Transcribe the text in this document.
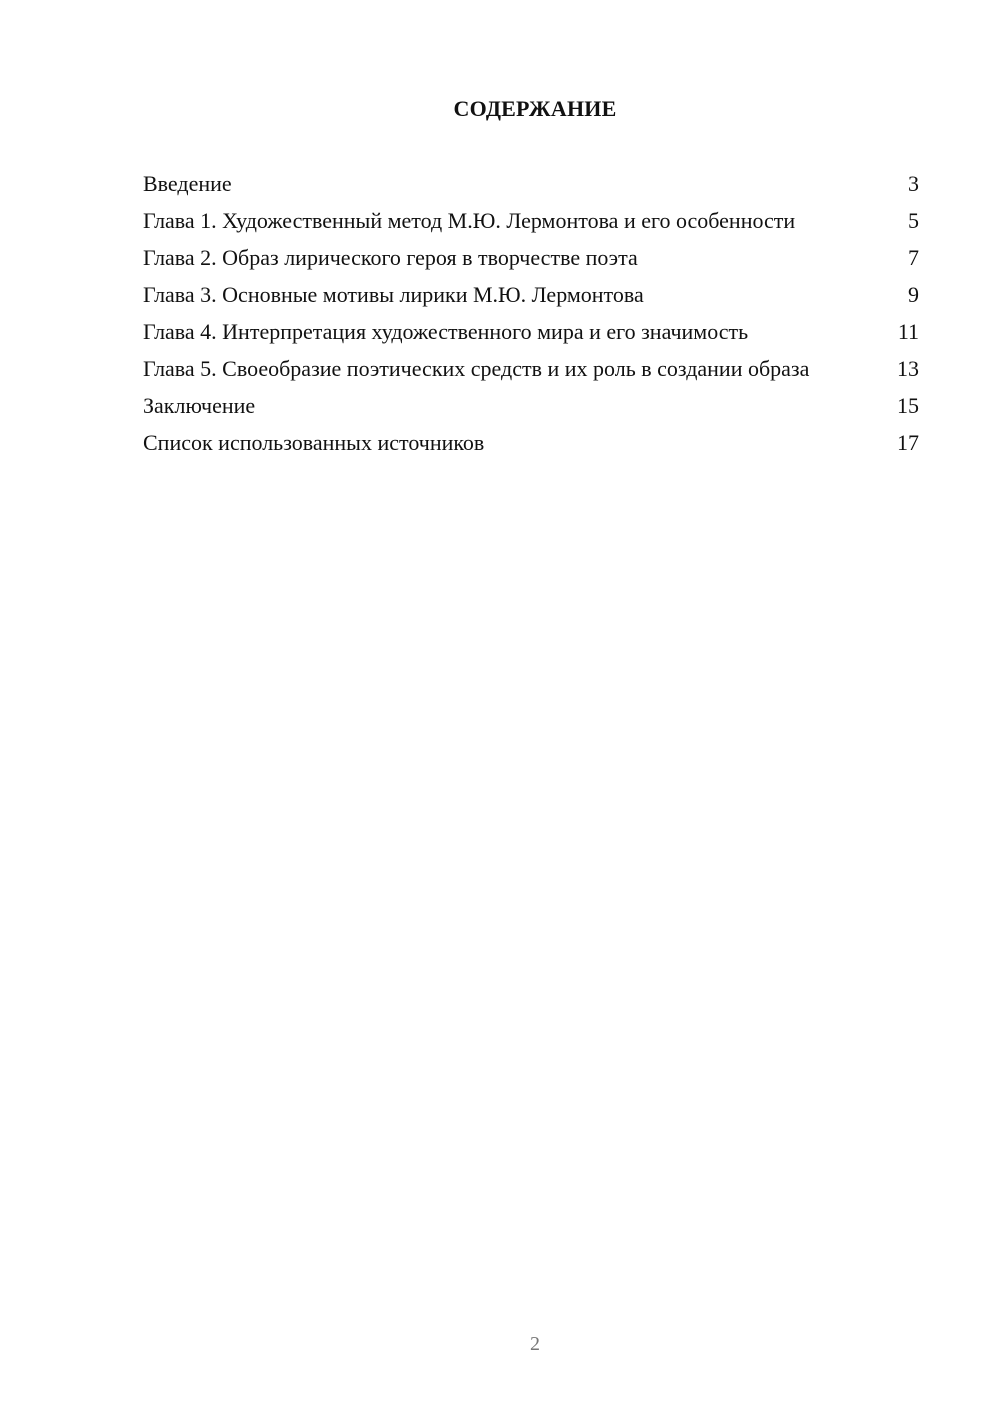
СОДЕРЖАНИЕ
Введение	3
Глава 1. Художественный метод М.Ю. Лермонтова и его особенности	5
Глава 2. Образ лирического героя в творчестве поэта	7
Глава 3. Основные мотивы лирики М.Ю. Лермонтова	9
Глава 4. Интерпретация художественного мира и его значимость	11
Глава 5. Своеобразие поэтических средств и их роль в создании образа	13
Заключение	15
Список использованных источников	17
2
